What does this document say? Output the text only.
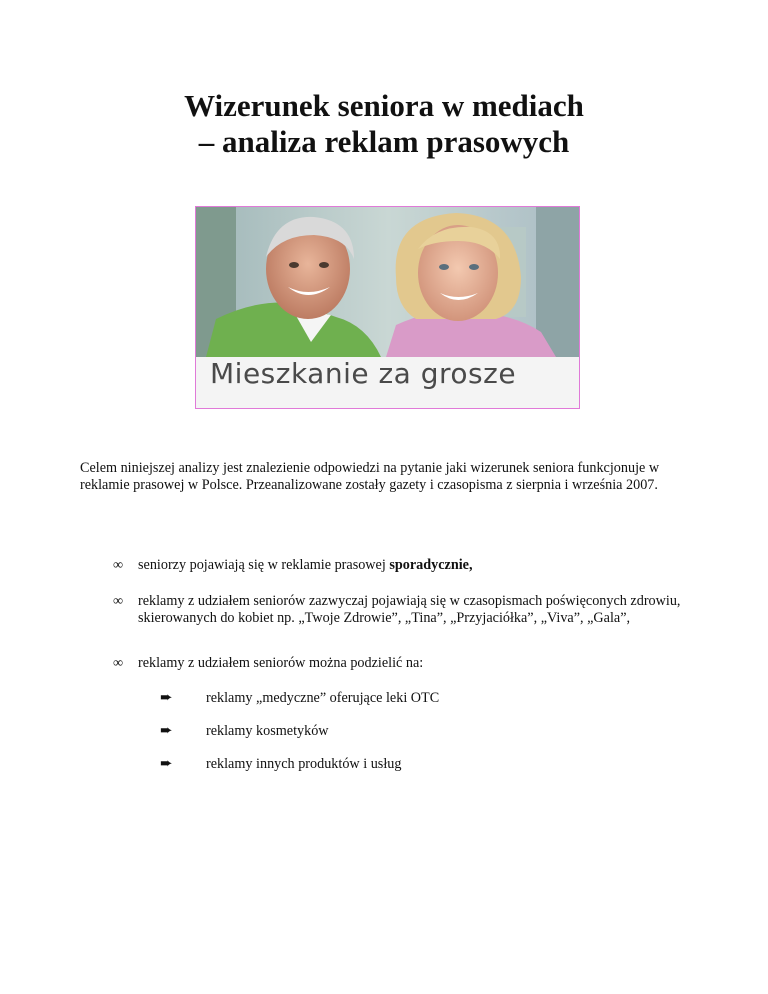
Wizerunek seniora w mediach
– analiza reklam prasowych
Mieszkanie za grosze

Celem niniejszej analizy jest znalezienie odpowiedzi na pytanie jaki wizerunek seniora funkcjonuje w reklamie prasowej w Polsce. Przeanalizowane zostały gazety i czasopisma z sierpnia i września 2007.

∞	seniorzy pojawiają się w reklamie prasowej sporadycznie,
∞	reklamy z udziałem seniorów zazwyczaj pojawiają się w czasopismach poświęconych zdrowiu, skierowanych do kobiet np. „Twoje Zdrowie”, „Tina”, „Przyjaciółka”, „Viva”, „Gala”,
∞	reklamy z udziałem seniorów można podzielić na:
➨ reklamy „medyczne” oferujące leki OTC
➨ reklamy kosmetyków
➨ reklamy innych produktów i usług
